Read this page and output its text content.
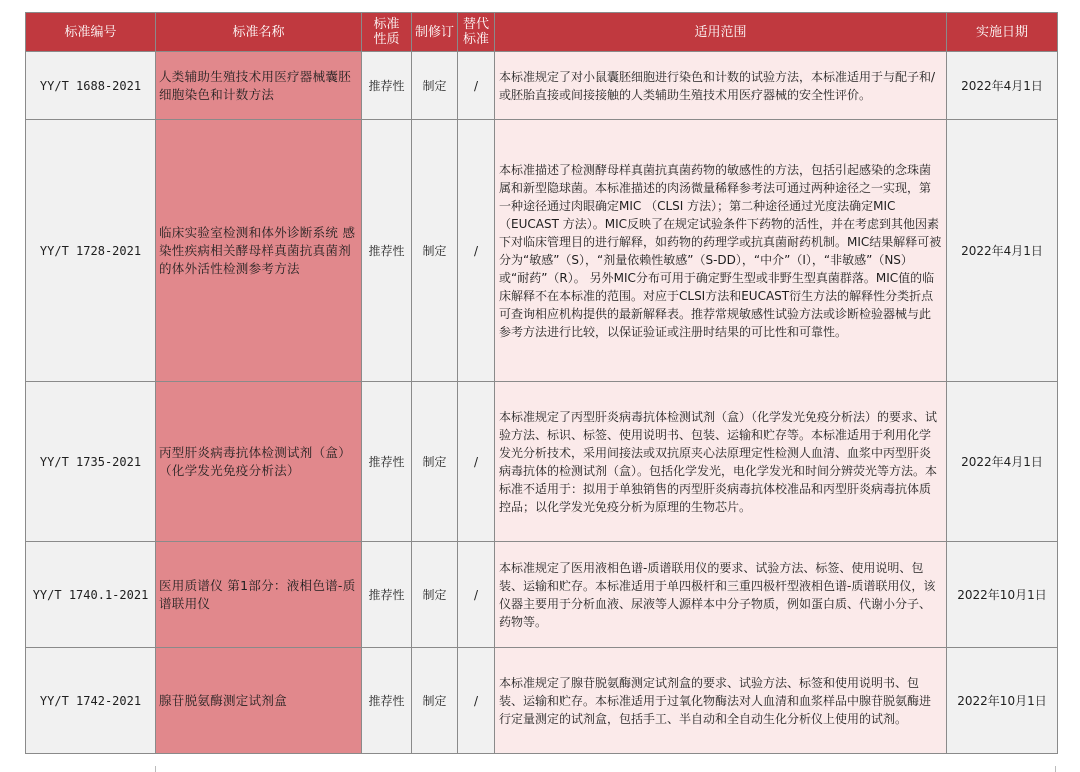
标准编号	标准名称	标准性质	制修订	替代标准	适用范围	实施日期
YY/T 1688-2021	人类辅助生殖技术用医疗器械囊胚细胞染色和计数方法	推荐性	制定	/	本标准规定了对小鼠囊胚细胞进行染色和计数的试验方法，本标准适用于与配子和/或胚胎直接或间接接触的人类辅助生殖技术用医疗器械的安全性评价。	2022年4月1日
YY/T 1728-2021	临床实验室检测和体外诊断系统 感染性疾病相关酵母样真菌抗真菌剂的体外活性检测参考方法	推荐性	制定	/	本标准描述了检测酵母样真菌抗真菌药物的敏感性的方法，包括引起感染的念珠菌属和新型隐球菌。本标准描述的肉汤微量稀释参考法可通过两种途径之一实现，第一种途径通过肉眼确定MIC （CLSI 方法）；第二种途径通过光度法确定MIC （EUCAST 方法）。MIC反映了在规定试验条件下药物的活性，并在考虑到其他因素下对临床管理目的进行解释，如药物的药理学或抗真菌耐药机制。MIC结果解释可被分为“敏感”（S），“剂量依赖性敏感”（S-DD），“中介”（I），“非敏感”（NS）或“耐药”（R）。 另外MIC分布可用于确定野生型或非野生型真菌群落。MIC值的临床解释不在本标准的范围。对应于CLSI方法和EUCAST衍生方法的解释性分类折点可查询相应机构提供的最新解释表。推荐常规敏感性试验方法或诊断检验器械与此参考方法进行比较，以保证验证或注册时结果的可比性和可靠性。	2022年4月1日
YY/T 1735-2021	丙型肝炎病毒抗体检测试剂（盒）（化学发光免疫分析法）	推荐性	制定	/	本标准规定了丙型肝炎病毒抗体检测试剂（盒）（化学发光免疫分析法）的要求、试验方法、标识、标签、使用说明书、包装、运输和贮存等。本标准适用于利用化学发光分析技术，采用间接法或双抗原夹心法原理定性检测人血清、血浆中丙型肝炎病毒抗体的检测试剂（盒）。包括化学发光，电化学发光和时间分辨荧光等方法。本标准不适用于：拟用于单独销售的丙型肝炎病毒抗体校准品和丙型肝炎病毒抗体质控品；以化学发光免疫分析为原理的生物芯片。	2022年4月1日
YY/T 1740.1-2021	医用质谱仪 第1部分：液相色谱-质谱联用仪	推荐性	制定	/	本标准规定了医用液相色谱-质谱联用仪的要求、试验方法、标签、使用说明、包装、运输和贮存。本标准适用于单四极杆和三重四极杆型液相色谱-质谱联用仪，该仪器主要用于分析血液、尿液等人源样本中分子物质，例如蛋白质、代谢小分子、药物等。	2022年10月1日
YY/T 1742-2021	腺苷脱氨酶测定试剂盒	推荐性	制定	/	本标准规定了腺苷脱氨酶测定试剂盒的要求、试验方法、标签和使用说明书、包装、运输和贮存。本标准适用于过氧化物酶法对人血清和血浆样品中腺苷脱氨酶进行定量测定的试剂盒，包括手工、半自动和全自动生化分析仪上使用的试剂。	2022年10月1日
